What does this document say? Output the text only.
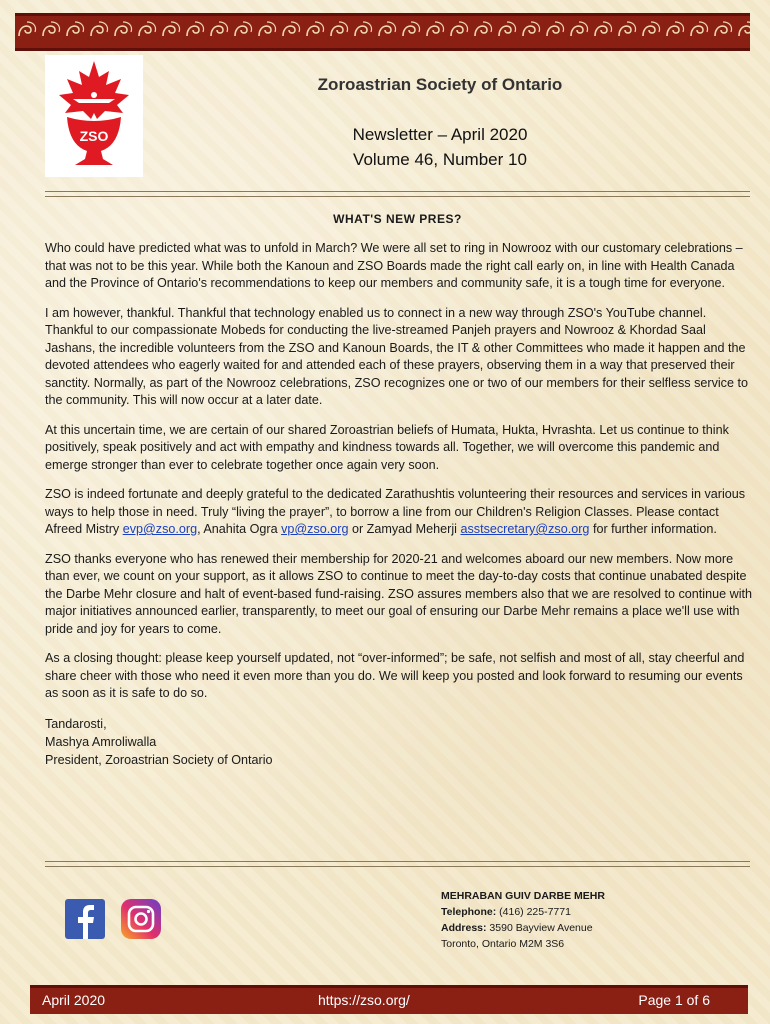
ZSO
Zoroastrian Society of Ontario
Newsletter – April 2020
Volume 46, Number 10
WHAT'S NEW PRES?

Who could have predicted what was to unfold in March? We were all set to ring in Nowrooz with our customary celebrations – that was not to be this year. While both the Kanoun and ZSO Boards made the right call early on, in line with Health Canada and the Province of Ontario's recommendations to keep our members and community safe, it is a tough time for everyone.

I am however, thankful. Thankful that technology enabled us to connect in a new way through ZSO's YouTube channel. Thankful to our compassionate Mobeds for conducting the live-streamed Panjeh prayers and Nowrooz & Khordad Saal Jashans, the incredible volunteers from the ZSO and Kanoun Boards, the IT & other Committees who made it happen and the devoted attendees who eagerly waited for and attended each of these prayers, observing them in a way that preserved their sanctity. Normally, as part of the Nowrooz celebrations, ZSO recognizes one or two of our members for their selfless service to the community. This will now occur at a later date.

At this uncertain time, we are certain of our shared Zoroastrian beliefs of Humata, Hukta, Hvrashta. Let us continue to think positively, speak positively and act with empathy and kindness towards all. Together, we will overcome this pandemic and emerge stronger than ever to celebrate together once again very soon.

ZSO is indeed fortunate and deeply grateful to the dedicated Zarathushtis volunteering their resources and services in various ways to help those in need. Truly “living the prayer”, to borrow a line from our Children's Religion Classes. Please contact Afreed Mistry evp@zso.org, Anahita Ogra vp@zso.org or Zamyad Meherji asstsecretary@zso.org for further information.

ZSO thanks everyone who has renewed their membership for 2020-21 and welcomes aboard our new members. Now more than ever, we count on your support, as it allows ZSO to continue to meet the day-to-day costs that continue unabated despite the Darbe Mehr closure and halt of event-based fund-raising. ZSO assures members also that we are resolved to continue with major initiatives announced earlier, transparently, to meet our goal of ensuring our Darbe Mehr remains a place we'll use with pride and joy for years to come.

As a closing thought: please keep yourself updated, not “over-informed”; be safe, not selfish and most of all, stay cheerful and share cheer with those who need it even more than you do. We will keep you posted and look forward to resuming our events as soon as it is safe to do so.

Tandarosti,
Mashya Amroliwalla
President, Zoroastrian Society of Ontario
MEHRABAN GUIV DARBE MEHR
Telephone: (416) 225-7771
Address: 3590 Bayview Avenue
Toronto, Ontario M2M 3S6
April 2020	https://zso.org/	Page 1 of 6
